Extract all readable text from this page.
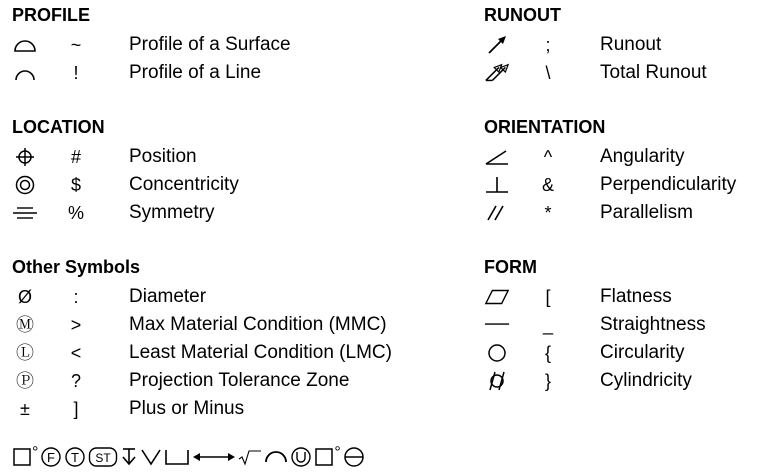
PROFILE
~	Profile of a Surface
!	Profile of a Line
LOCATION
#	Position
$	Concentricity
% Symmetry
Other Symbols
Ø	:	Diameter
Ⓜ >	Max Material Condition (MMC)
Ⓛ <	Least Material Condition (LMC)
Ⓟ ?	Projection Tolerance Zone
±	]	Plus or Minus
RUNOUT
;	Runout
\	Total Runout
ORIENTATION
^	Angularity
& Perpendicularity
*	Parallelism
FORM
[	Flatness
_ Straightness
{	Circularity
}	Cylindricity
° F T ST	°
